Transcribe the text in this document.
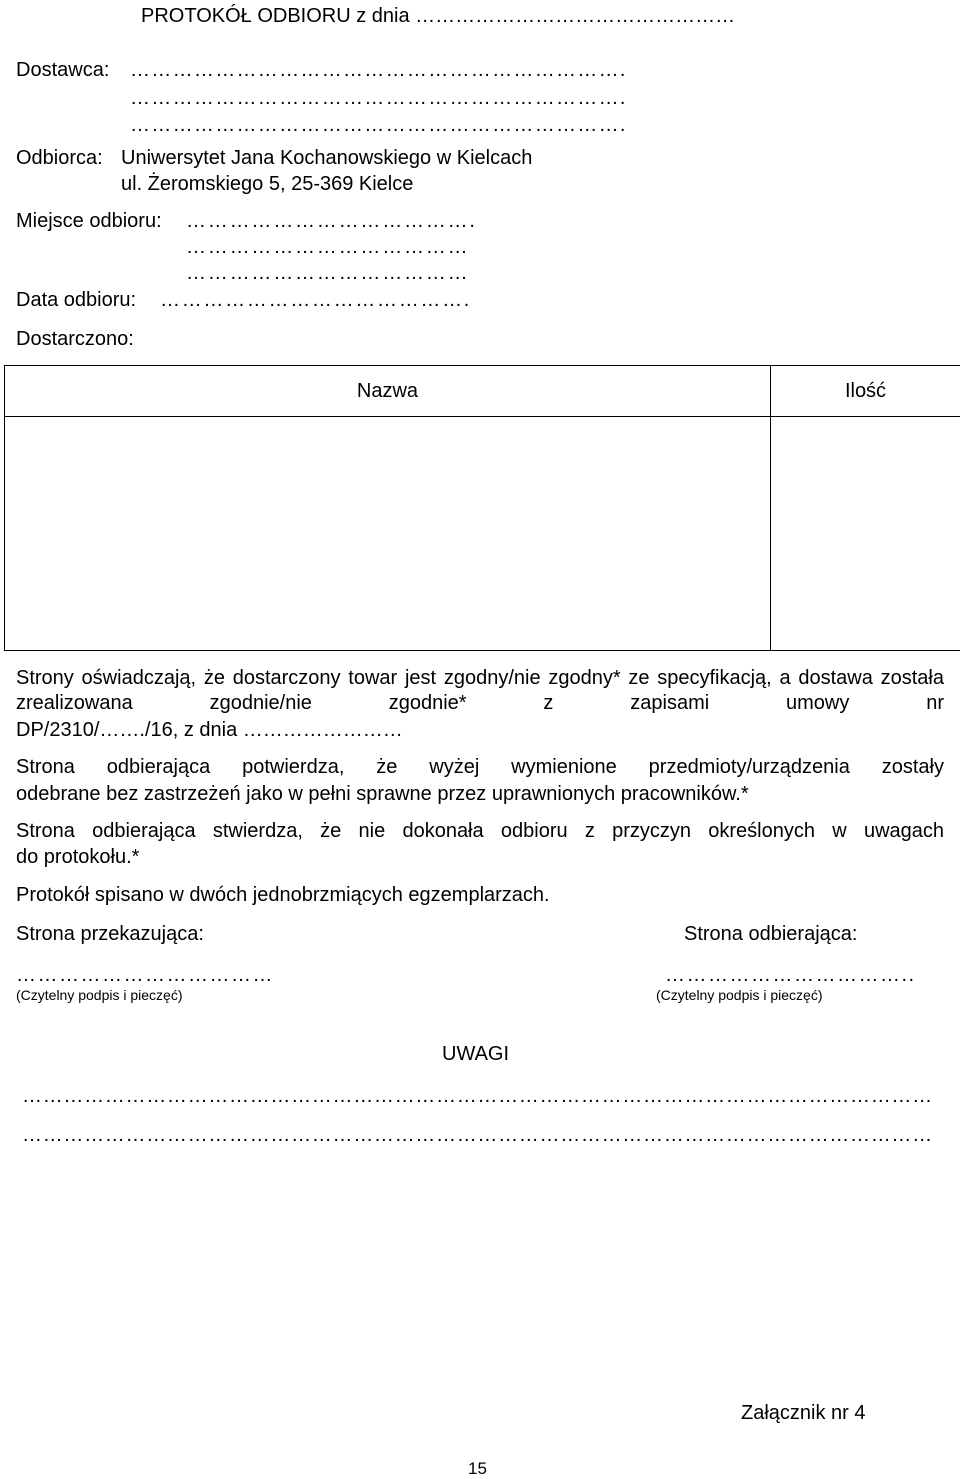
PROTOKÓŁ ODBIORU z dnia …………………………………………
Dostawca: …………………………………………………………….
…………………………………………………………….
…………………………………………………………….
Odbiorca: Uniwersytet Jana Kochanowskiego w Kielcach
ul. Żeromskiego 5, 25-369 Kielce
Miejsce odbioru: ………………………………….
…………………………………
…………………………………
Data odbioru: …………………………………….
Dostarczono:
Nazwa	Ilość

Strony oświadczają, że dostarczony towar jest zgodny/nie zgodny* ze specyfikacją, a dostawa została zrealizowana zgodnie/nie zgodnie* z zapisami umowy nr
DP/2310/……./16, z dnia ……………………
Strona odbierająca potwierdza, że wyżej wymienione przedmioty/urządzenia zostały
odebrane bez zastrzeżeń jako w pełni sprawne przez uprawnionych pracowników.*
Strona odbierająca stwierdza, że nie dokonała odbioru z przyczyn określonych w uwagach
do protokołu.*
Protokół spisano w dwóch jednobrzmiących egzemplarzach.
Strona przekazująca:	Strona odbierająca:
………………………………	……………………………..
(Czytelny podpis i pieczęć)	(Czytelny podpis i pieczęć)
UWAGI
……………………………………………………………………………………………………………………
……………………………………………………………………………………………………………………
Załącznik nr 4
15
